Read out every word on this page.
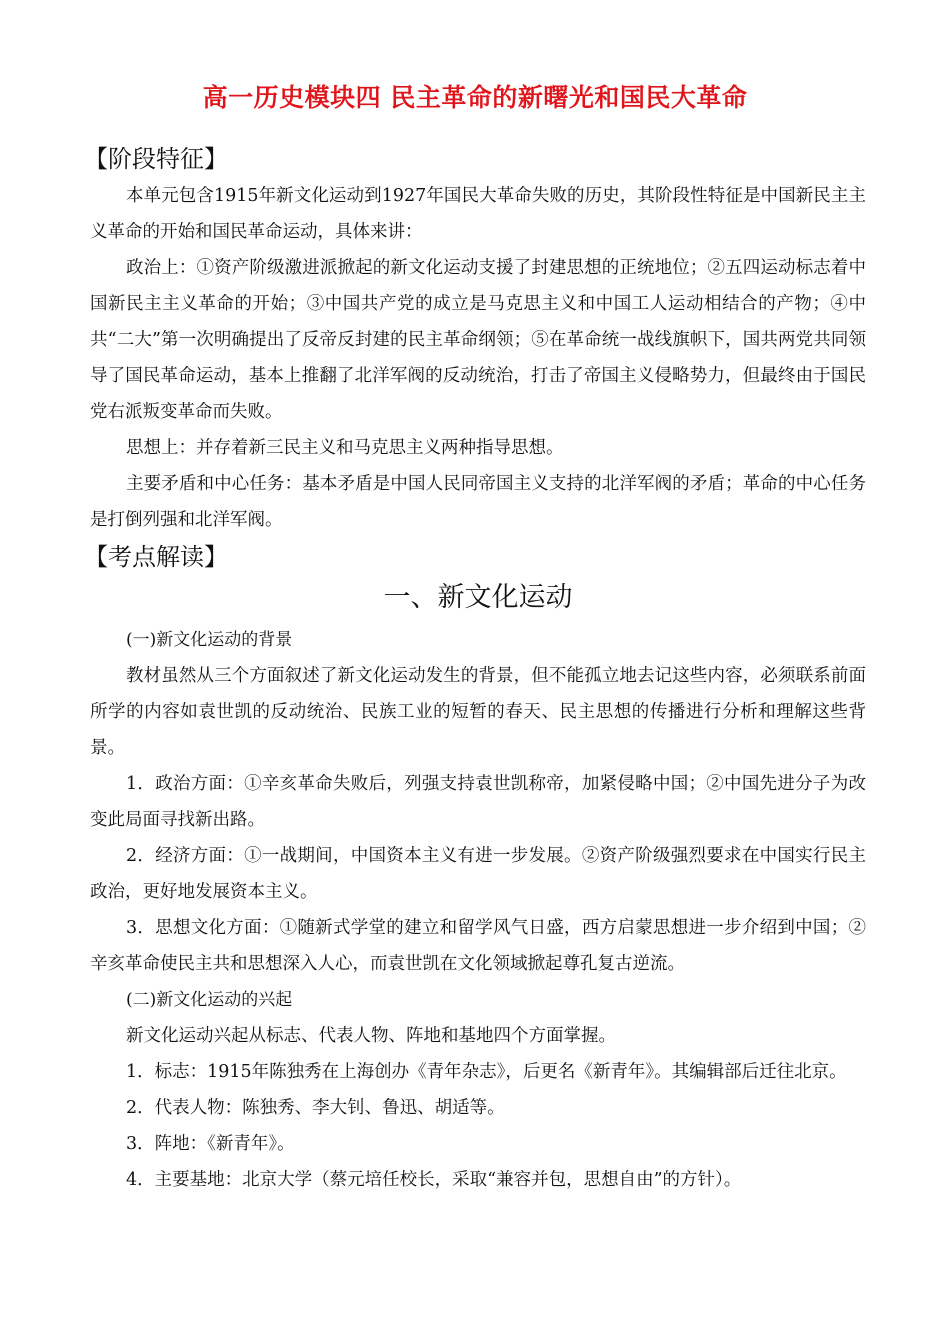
高一历史模块四 民主革命的新曙光和国民大革命
【阶段特征】

本单元包含1915年新文化运动到1927年国民大革命失败的历史，其阶段性特征是中国新民主主义革命的开始和国民革命运动，具体来讲：

政治上：①资产阶级激进派掀起的新文化运动支援了封建思想的正统地位；②五四运动标志着中国新民主主义革命的开始；③中国共产党的成立是马克思主义和中国工人运动相结合的产物；④中共“二大”第一次明确提出了反帝反封建的民主革命纲领；⑤在革命统一战线旗帜下，国共两党共同领导了国民革命运动，基本上推翻了北洋军阀的反动统治，打击了帝国主义侵略势力，但最终由于国民党右派叛变革命而失败。

思想上：并存着新三民主义和马克思主义两种指导思想。

主要矛盾和中心任务：基本矛盾是中国人民同帝国主义支持的北洋军阀的矛盾；革命的中心任务是打倒列强和北洋军阀。

【考点解读】
一、新文化运动

(一)新文化运动的背景

教材虽然从三个方面叙述了新文化运动发生的背景，但不能孤立地去记这些内容，必须联系前面所学的内容如袁世凯的反动统治、民族工业的短暂的春天、民主思想的传播进行分析和理解这些背景。

1．政治方面：①辛亥革命失败后，列强支持袁世凯称帝，加紧侵略中国；②中国先进分子为改变此局面寻找新出路。

2．经济方面：①一战期间，中国资本主义有进一步发展。②资产阶级强烈要求在中国实行民主政治，更好地发展资本主义。

3．思想文化方面：①随新式学堂的建立和留学风气日盛，西方启蒙思想进一步介绍到中国；②辛亥革命使民主共和思想深入人心，而袁世凯在文化领域掀起尊孔复古逆流。

(二)新文化运动的兴起

新文化运动兴起从标志、代表人物、阵地和基地四个方面掌握。

1．标志：1915年陈独秀在上海创办《青年杂志》，后更名《新青年》。其编辑部后迁往北京。

2．代表人物：陈独秀、李大钊、鲁迅、胡适等。

3．阵地：《新青年》。

4．主要基地：北京大学（蔡元培任校长，采取“兼容并包，思想自由”的方针）。
